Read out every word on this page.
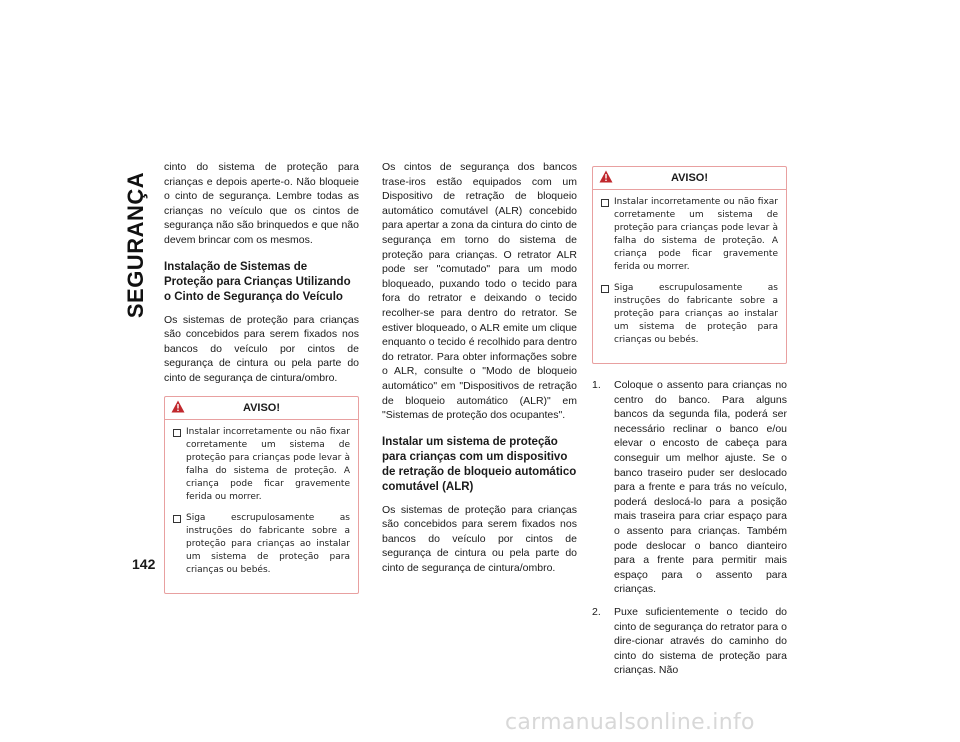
SEGURANÇA
142

cinto do sistema de proteção para crianças e depois aperte-o. Não bloqueie o cinto de segurança. Lembre todas as crianças no veículo que os cintos de segurança não são brinquedos e que não devem brincar com os mesmos.

Instalação de Sistemas de Proteção para Crianças Utilizando o Cinto de Segurança do Veículo

Os sistemas de proteção para crianças são concebidos para serem fixados nos bancos do veículo por cintos de segurança de cintura ou pela parte do cinto de segurança de cintura/ombro.

AVISO!
Instalar incorretamente ou não fixar corretamente um sistema de proteção para crianças pode levar à falha do sistema de proteção. A criança pode ficar gravemente ferida ou morrer.
Siga escrupulosamente as instruções do fabricante sobre a proteção para crianças ao instalar um sistema de proteção para crianças ou bebés.

Os cintos de segurança dos bancos trase-iros estão equipados com um Dispositivo de retração de bloqueio automático comutável (ALR) concebido para apertar a zona da cintura do cinto de segurança em torno do sistema de proteção para crianças. O retrator ALR pode ser "comutado" para um modo bloqueado, puxando todo o tecido para fora do retrator e deixando o tecido recolher-se para dentro do retrator. Se estiver bloqueado, o ALR emite um clique enquanto o tecido é recolhido para dentro do retrator. Para obter informações sobre o ALR, consulte o "Modo de bloqueio automático" em "Dispositivos de retração de bloqueio automático (ALR)" em "Sistemas de proteção dos ocupantes".

Instalar um sistema de proteção para crianças com um dispositivo de retração de bloqueio automático comutável (ALR)

Os sistemas de proteção para crianças são concebidos para serem fixados nos bancos do veículo por cintos de segurança de cintura ou pela parte do cinto de segurança de cintura/ombro.

AVISO!
Instalar incorretamente ou não fixar corretamente um sistema de proteção para crianças pode levar à falha do sistema de proteção. A criança pode ficar gravemente ferida ou morrer.
Siga escrupulosamente as instruções do fabricante sobre a proteção para crianças ao instalar um sistema de proteção para crianças ou bebés.
1.	Coloque o assento para crianças no centro do banco. Para alguns bancos da segunda fila, poderá ser necessário reclinar o banco e/ou elevar o encosto de cabeça para conseguir um melhor ajuste. Se o banco traseiro puder ser deslocado para a frente e para trás no veículo, poderá deslocá-lo para a posição mais traseira para criar espaço para o assento para crianças. Também pode deslocar o banco dianteiro para a frente para permitir mais espaço para o assento para crianças.
2.	Puxe suficientemente o tecido do cinto de segurança do retrator para o dire-cionar através do caminho do cinto do sistema de proteção para crianças. Não
carmanualsonline.info
